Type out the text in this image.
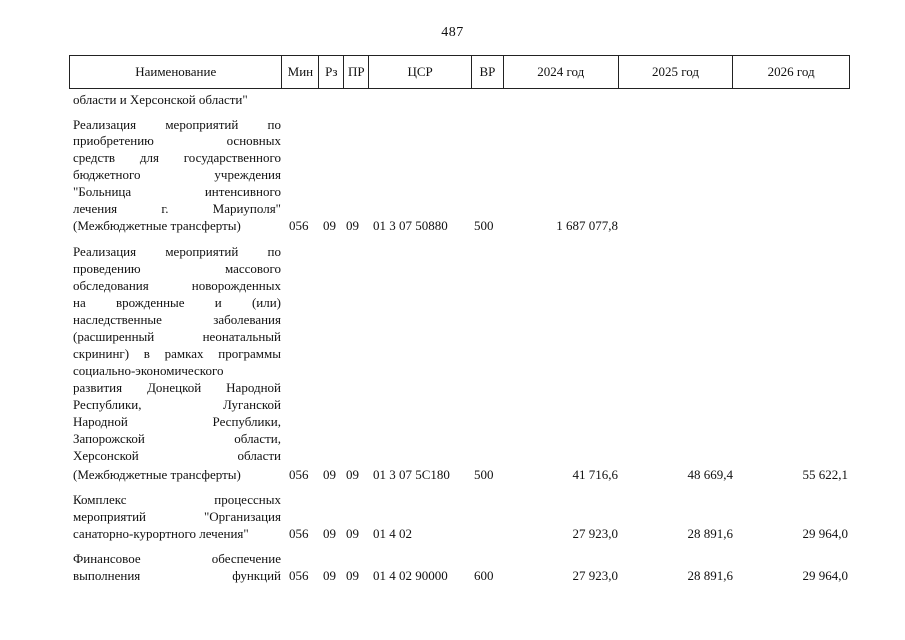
487
Наименование	Мин Рз ПР	ЦСР	ВР	2024 год	2025 год	2026 год
области и Херсонской области"
Реализация мероприятий по
приобретению основных
средств для государственного
бюджетного учреждения
"Больница интенсивного
лечения г. Мариуполя"
(Межбюджетные трансферты)	056 09 09 01 3 07 50880 500	1 687 077,8
Реализация мероприятий по
проведению массового
обследования новорожденных
на врожденные и (или)
наследственные заболевания
(расширенный неонатальный
скрининг) в рамках программы
социально-экономического
развития Донецкой Народной
Республики, Луганской
Народной Республики,
Запорожской области,
Херсонской области
(Межбюджетные трансферты)	056 09 09 01 3 07 5С180 500	41 716,6	48 669,4	55 622,1
Комплекс процессных
мероприятий "Организация
санаторно-курортного лечения"	056 09 09 01 4 02	27 923,0	28 891,6	29 964,0
Финансовое обеспечение
выполнения функций 056 09 09 01 4 02 90000 600	27 923,0	28 891,6	29 964,0
